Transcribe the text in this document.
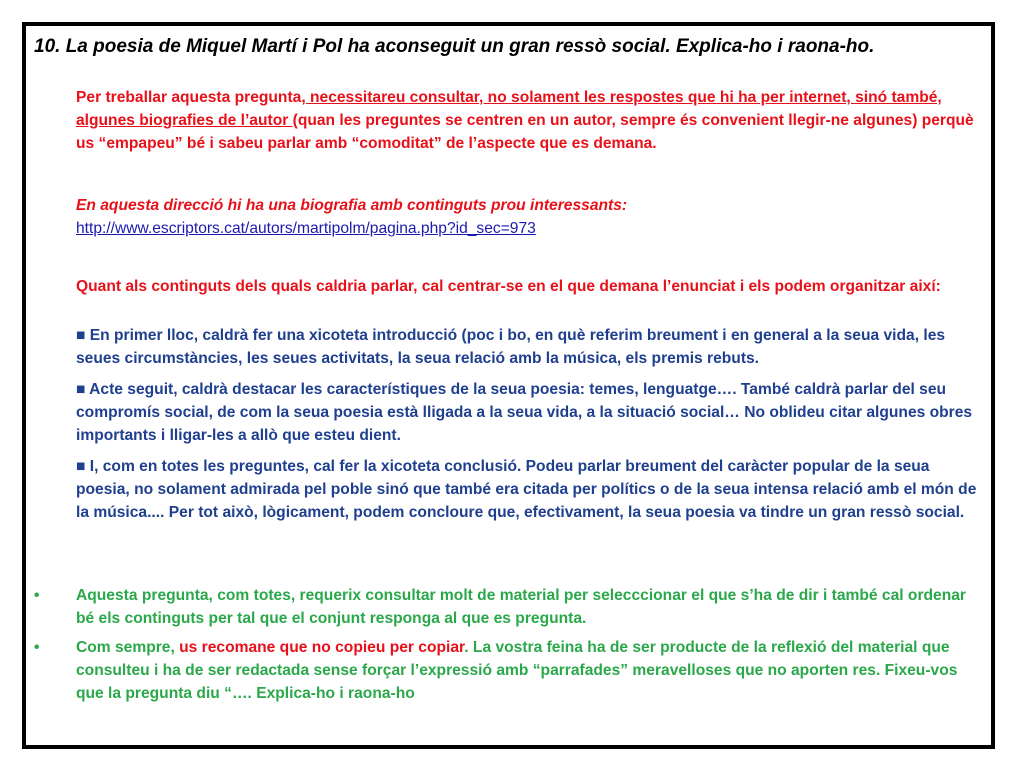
10. La poesia de Miquel Martí i Pol ha aconseguit un gran ressò social. Explica-ho i raona-ho.
Per treballar aquesta pregunta, necessitareu consultar, no solament les respostes que hi ha per internet, sinó també, algunes biografies de l’autor (quan les preguntes se centren en un autor, sempre és convenient llegir-ne algunes) perquè us “empapeu” bé i sabeu parlar amb “comoditat” de l’aspecte que es demana.
En aquesta direcció hi ha una biografia amb continguts prou interessants:
http://www.escriptors.cat/autors/martipolm/pagina.php?id_sec=973
Quant als continguts dels quals caldria parlar, cal centrar-se en el que demana l’enunciat i els podem organitzar així:
■ En primer lloc, caldrà fer una xicoteta introducció (poc i bo, en què referim breument i en general a la seua vida, les seues circumstàncies, les seues activitats, la seua relació amb la música, els premis rebuts.
■ Acte seguit, caldrà destacar les característiques de la seua poesia: temes, lenguatge…. També caldrà parlar del seu compromís social, de com la seua poesia està lligada a la seua vida, a la situació social… No oblideu citar algunes obres importants i lligar-les a allò que esteu dient.
■ I, com en totes les preguntes, cal fer la xicoteta conclusió. Podeu parlar breument del caràcter popular de la seua poesia, no solament admirada pel poble sinó que també era citada per polítics o de la seua intensa relació amb el món de la música.... Per tot això, lògicament, podem concloure que, efectivament, la seua poesia va tindre un gran ressò social.
•	Aquesta pregunta, com totes, requerix consultar molt de material per selecccionar el que s’ha de dir i també cal ordenar bé els continguts per tal que el conjunt responga al que es pregunta.
•	Com sempre, us recomane que no copieu per copiar. La vostra feina ha de ser producte de la reflexió del material que consulteu i ha de ser redactada sense forçar l’expressió amb “parrafades” meravelloses que no aporten res. Fixeu-vos que la pregunta diu “…. Explica-ho i raona-ho
